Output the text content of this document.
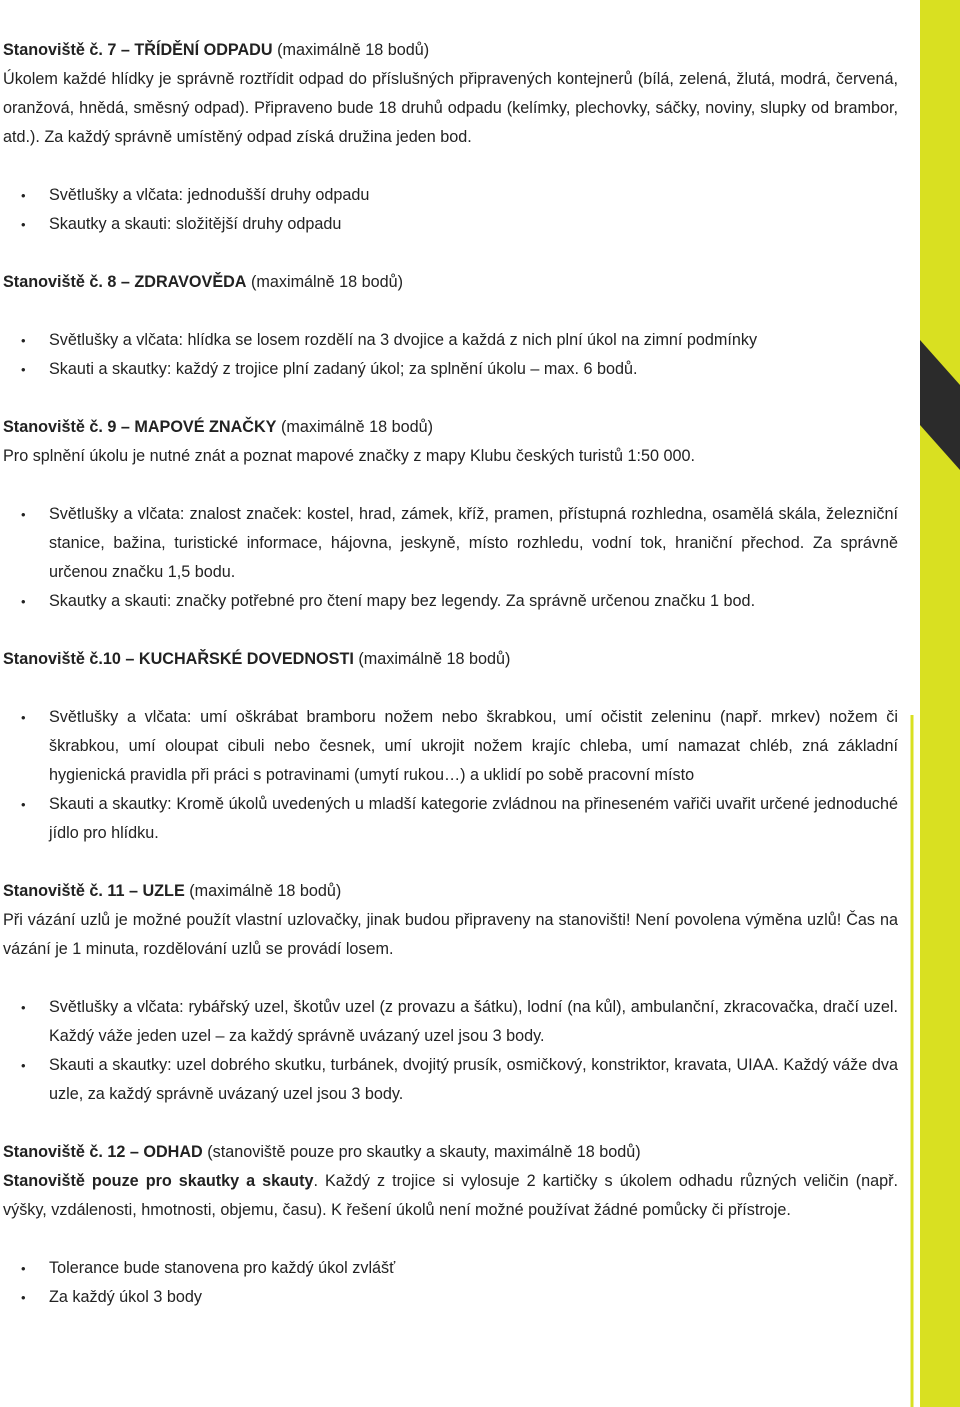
Stanoviště č. 7 – TŘÍDĚNÍ ODPADU (maximálně 18 bodů)

Úkolem každé hlídky je správně roztřídit odpad do příslušných připravených kontejnerů (bílá, zelená, žlutá, modrá, červená, oranžová, hnědá, směsný odpad). Připraveno bude 18 druhů odpadu (kelímky, plechovky, sáčky, noviny, slupky od brambor, atd.). Za každý správně umístěný odpad získá družina jeden bod.

• Světlušky a vlčata: jednodušší druhy odpadu
• Skautky a skauti: složitější druhy odpadu
Stanoviště č. 8 – ZDRAVOVĚDA (maximálně 18 bodů)
• Světlušky a vlčata: hlídka se losem rozdělí na 3 dvojice a každá z nich plní úkol na zimní podmínky
• Skauti a skautky: každý z trojice plní zadaný úkol; za splnění úkolu – max. 6 bodů.
Stanoviště č. 9 – MAPOVÉ ZNAČKY (maximálně 18 bodů)

Pro splnění úkolu je nutné znát a poznat mapové značky z mapy Klubu českých turistů 1:50 000.

• Světlušky a vlčata: znalost značek: kostel, hrad, zámek, kříž, pramen, přístupná rozhledna, osamělá skála, železniční stanice, bažina, turistické informace, hájovna, jeskyně, místo rozhledu, vodní tok, hraniční přechod. Za správně určenou značku 1,5 bodu.
• Skautky a skauti: značky potřebné pro čtení mapy bez legendy. Za správně určenou značku 1 bod.
Stanoviště č.10 – KUCHAŘSKÉ DOVEDNOSTI (maximálně 18 bodů)
• Světlušky a vlčata: umí oškrábat bramboru nožem nebo škrabkou, umí očistit zeleninu (např. mrkev) nožem či škrabkou, umí oloupat cibuli nebo česnek, umí ukrojit nožem krajíc chleba, umí namazat chléb, zná základní hygienická pravidla při práci s potravinami (umytí rukou…) a uklidí po sobě pracovní místo
• Skauti a skautky: Kromě úkolů uvedených u mladší kategorie zvládnou na přineseném vařiči uvařit určené jednoduché jídlo pro hlídku.
Stanoviště č. 11 – UZLE (maximálně 18 bodů)

Při vázání uzlů je možné použít vlastní uzlovačky, jinak budou připraveny na stanovišti! Není povolena výměna uzlů! Čas na vázání je 1 minuta, rozdělování uzlů se provádí losem.

• Světlušky a vlčata: rybářský uzel, škotův uzel (z provazu a šátku), lodní (na kůl), ambulanční, zkracovačka, dračí uzel. Každý váže jeden uzel – za každý správně uvázaný uzel jsou 3 body.
• Skauti a skautky: uzel dobrého skutku, turbánek, dvojitý prusík, osmičkový, konstriktor, kravata, UIAA. Každý váže dva uzle, za každý správně uvázaný uzel jsou 3 body.
Stanoviště č. 12 – ODHAD (stanoviště pouze pro skautky a skauty, maximálně 18 bodů)

Stanoviště pouze pro skautky a skauty. Každý z trojice si vylosuje 2 kartičky s úkolem odhadu různých veličin (např. výšky, vzdálenosti, hmotnosti, objemu, času). K řešení úkolů není možné používat žádné pomůcky či přístroje.

• Tolerance bude stanovena pro každý úkol zvlášť
• Za každý úkol 3 body
